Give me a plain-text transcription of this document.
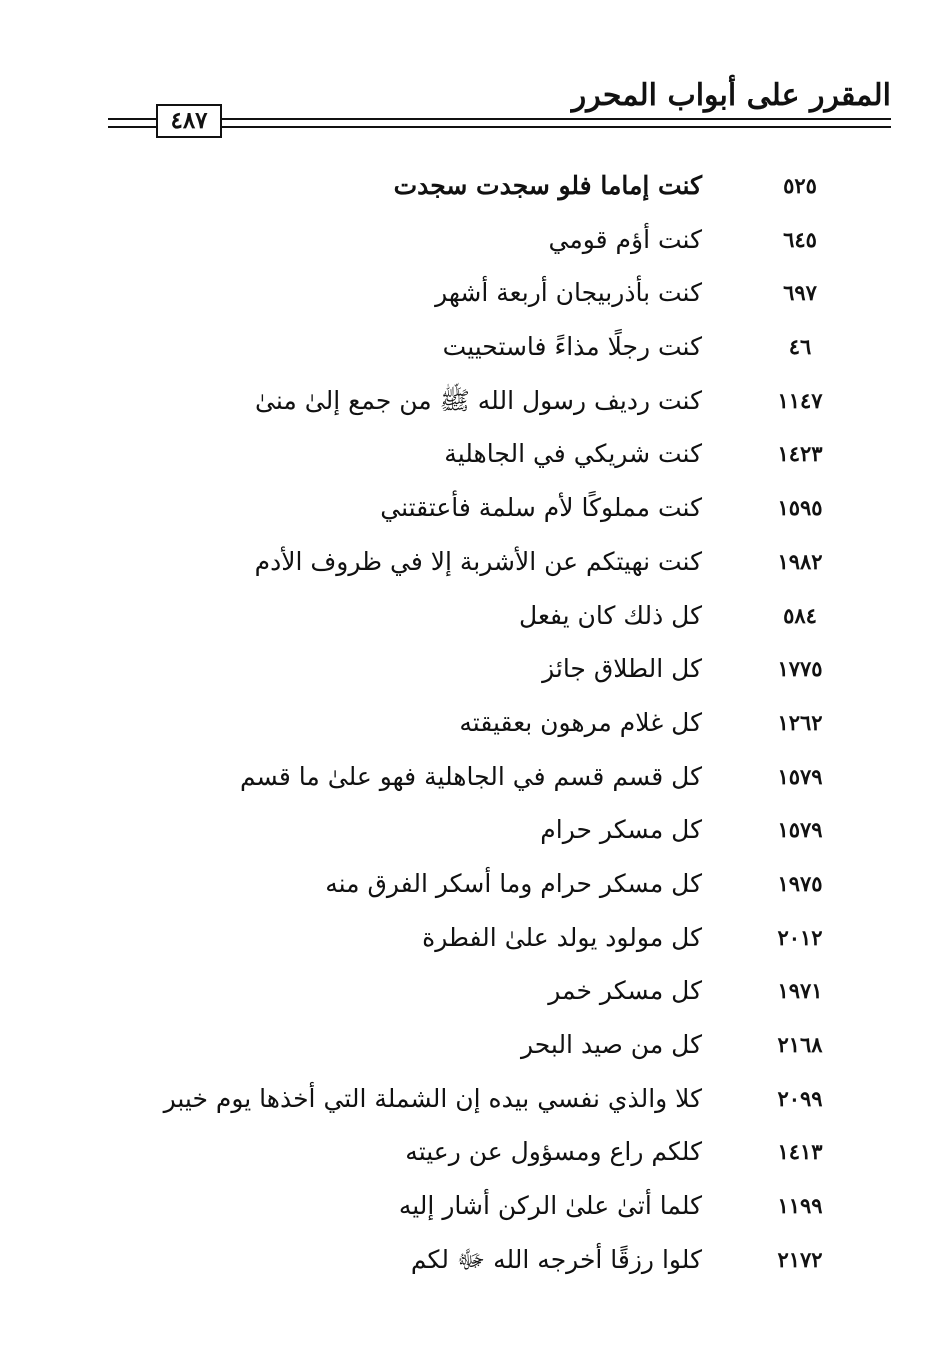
المقرر على أبواب المحرر
٤٨٧
٥٢٥
كنت إماما فلو سجدت سجدت
٦٤٥
كنت أؤم قومي
٦٩٧
كنت بأذربيجان أربعة أشهر
٤٦
كنت رجلًا مذاءً فاستحييت
١١٤٧
كنت رديف رسول الله ﷺ من جمع إلىٰ منىٰ
١٤٢٣
كنت شريكي في الجاهلية
١٥٩٥
كنت مملوكًا لأم سلمة فأعتقتني
١٩٨٢
كنت نهيتكم عن الأشربة إلا في ظروف الأدم
٥٨٤
كل ذلك كان يفعل
١٧٧٥
كل الطلاق جائز
١٢٦٢
كل غلام مرهون بعقيقته
١٥٧٩
كل قسم قسم في الجاهلية فهو علىٰ ما قسم
١٥٧٩
كل مسكر حرام
١٩٧٥
كل مسكر حرام وما أسكر الفرق منه
٢٠١٢
كل مولود يولد علىٰ الفطرة
١٩٧١
كل مسكر خمر
٢١٦٨
كل من صيد البحر
٢٠٩٩
كلا والذي نفسي بيده إن الشملة التي أخذها يوم خيبر
١٤١٣
كلكم راع ومسؤول عن رعيته
١١٩٩
كلما أتىٰ علىٰ الركن أشار إليه
٢١٧٢
كلوا رزقًا أخرجه الله ﷻ لكم
